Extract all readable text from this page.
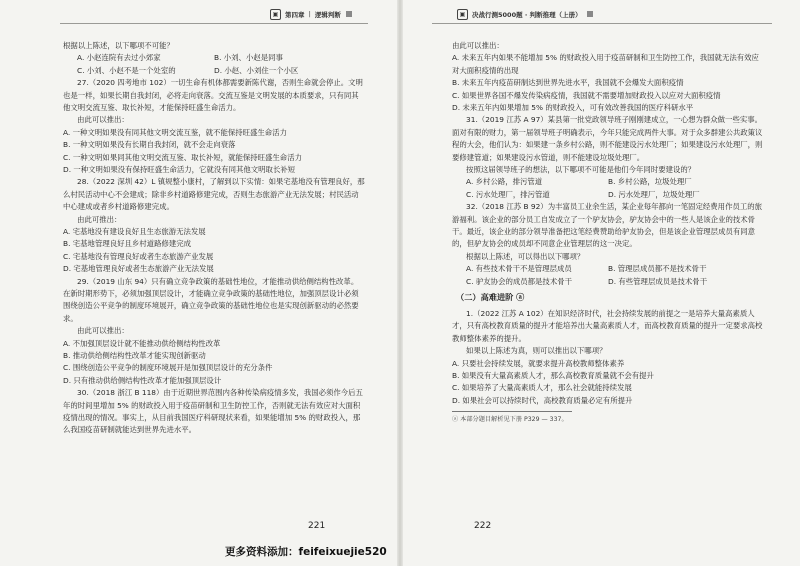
▣	第四章 | 逻辑判断
根据以上陈述，以下哪项不可能？
A. 小赵连院有去过小郊家	B. 小刘、小赵是同事
C. 小刘、小赵不是一个处室的	D. 小赵、小刘住一个小区
27.（2020 四考地市 102）一切生命有机体都需要新陈代谢，否则生命就会停止。文明也是一样，如果长期自我封闭，必将走向衰落。交流互鉴是文明发展的本质要求，只有同其他文明交流互鉴、取长补短，才能保持旺盛生命活力。
由此可以推出：
A. 一种文明如果没有同其他文明交流互鉴，就不能保持旺盛生命活力
B. 一种文明如果没有长期自我封闭，就不会走向衰落
C. 一种文明如果同其他文明交流互鉴、取长补短，就能保持旺盛生命活力
D. 一种文明如果没有保持旺盛生命活力，它就没有同其他文明取长补短
28.（2022 深圳 42）L 镇规整小康村，了解到以下实情：如果宅基地没有管理良好，那么村民活动中心不会建成；除非乡村道路修建完成，否则生态旅游产业无法发展；村民活动中心建成或者乡村道路修建完成。
由此可推出：
A. 宅基地没有建设良好且生态旅游无法发展
B. 宅基地管理良好且乡村道路修建完成
C. 宅基地没有管理良好或者生态旅游产业发展
D. 宅基地管理良好或者生态旅游产业无法发展
29.（2019 山东 94）只有确立竞争政策的基础性地位，才能推动供给侧结构性改革。在新时期形势下，必须加强顶层设计，才能确立竞争政策的基础性地位，加强顶层设计必须围绕创造公平竞争的制度环境展开，确立竞争政策的基础性地位也是实现创新驱动的必然要求。
由此可以推出：
A. 不加强顶层设计就不能推动供给侧结构性改革
B. 推动供给侧结构性改革才能实现创新驱动
C. 围绕创造公平竞争的制度环境展开是加强顶层设计的充分条件
D. 只有推动供给侧结构性改革才能加强顶层设计
30.（2018 浙江 B 118）由于近期世界范围内各种传染病疫情多发，我国必须作今后五年的时间里增加 5% 的财政投入用于疫苗研制和卫生防控工作，否则就无法有效应对大面积疫情出现的情况。事实上，从目前我国医疗科研现状来看，如果能增加 5% 的财政投入，那么我国疫苗研制就能达到世界先进水平。
221
▣	决战行测5000题 · 判断推理（上册）
由此可以推出：
A. 未来五年内如果不能增加 5% 的财政投入用于疫苗研制和卫生防控工作，我国就无法有效应对大面积疫情的出现
B. 未来五年内疫苗研制达到世界先进水平，我国就不会爆发大面积疫情
C. 如果世界各国不爆发传染病疫情，我国就不需要增加财政投入以应对大面积疫情
D. 未来五年内如果增加 5% 的财政投入，可有效改善我国的医疗科研水平
31.（2019 江苏 A 97）某县第一批党政领导班子刚刚建成立，一心想为群众做一些实事。面对有限的财力，第一届领导班子明确表示，今年只能完成两件大事。对于众多群建公共政策议程的大会，他们认为：如果建一条乡村公路，则不能建设污水处理厂；如果建设污水处理厂，则要修建管道；如果建设污水管道，则不能建设垃圾处理厂。
按照这届领导班子的想法，以下哪项不可能是他们今年同时要建设的？
A. 乡村公路，排污管道	B. 乡村公路，垃圾处理厂
C. 污水处理厂，排污管道	D. 污水处理厂，垃圾处理厂
32.（2018 江苏 B 92）为丰富员工业余生活，某企业每年都向一笔固定经费用作员工的旅游福利。该企业的部分员工自发成立了一个驴友协会，驴友协会中的一些人是该企业的技术骨干。最近，该企业的部分领导准备把这笔经费赞助给驴友协会，但是该企业管理层成员有同意的，但驴友协会的成员却不同意企业管理层的这一决定。
根据以上陈述，可以得出以下哪项？
A. 有些技术骨干不是管理层成员	B. 管理层成员都不是技术骨干
C. 驴友协会的成员都是技术骨干	D. 有些管理层成员是技术骨干
（二）高难进阶 ⓐ
1.（2022 江苏 A 102）在知识经济时代，社会持续发展的前提之一是培养大量高素质人才，只有高校教育质量的提升才能培养出大量高素质人才，而高校教育质量的提升一定要求高校教师整体素养的提升。
如果以上陈述为真，则可以推出以下哪项？
A. 只要社会持续发展，就要求提升高校教师整体素养
B. 如果没有大量高素质人才，那么高校教育质量就不会有提升
C. 如果培养了大量高素质人才，那么社会就能持续发展
D. 如果社会可以持续时代，高校教育质量必定有所提升
ⓐ 本部分题目解析见下册 P329 — 337。
222
更多资料添加：feifeixuejie520
